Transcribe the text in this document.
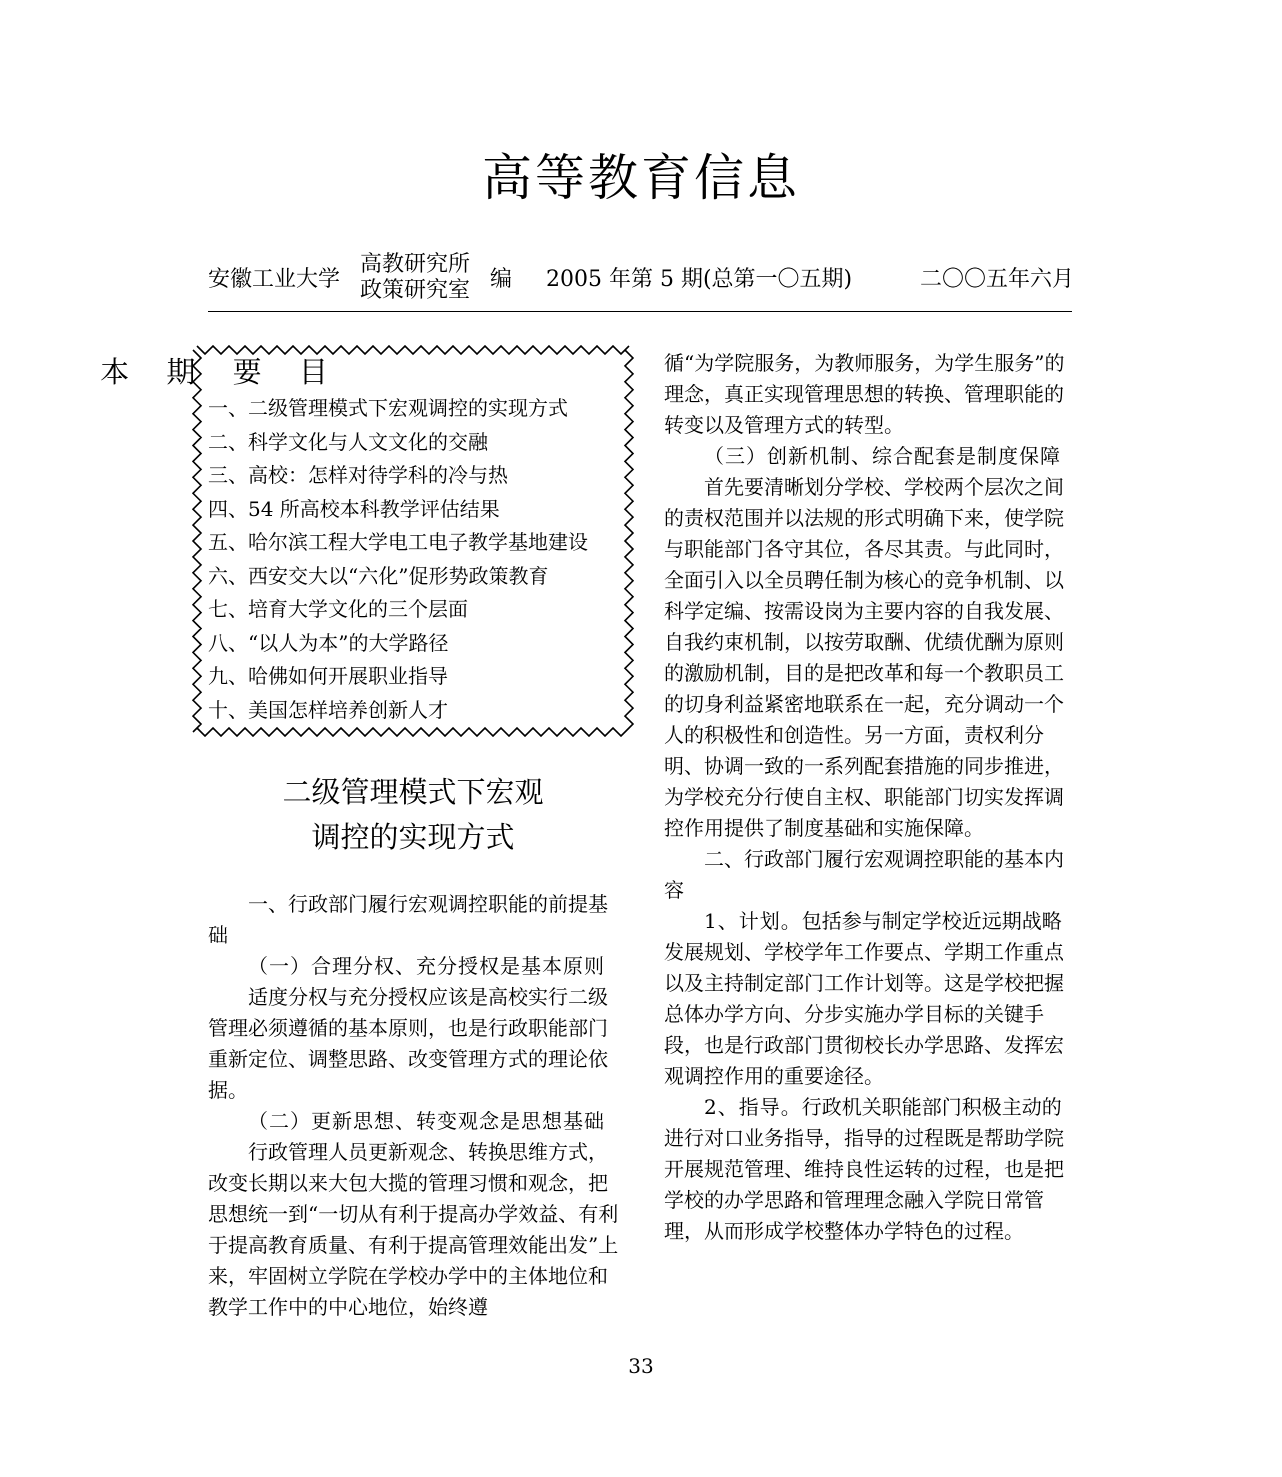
高等教育信息
安徽工业大学
高教研究所
政策研究室 编 2005 年第 5 期(总第一〇五期)	二〇〇五年六月
本 期 要 目
一、二级管理模式下宏观调控的实现方式
二、科学文化与人文文化的交融
三、高校：怎样对待学科的冷与热
四、54 所高校本科教学评估结果
五、哈尔滨工程大学电工电子教学基地建设
六、西安交大以“六化”促形势政策教育
七、培育大学文化的三个层面
八、“以人为本”的大学路径
九、哈佛如何开展职业指导
十、美国怎样培养创新人才
二级管理模式下宏观
调控的实现方式

一、行政部门履行宏观调控职能的前提基础

（一）合理分权、充分授权是基本原则

适度分权与充分授权应该是高校实行二级管理必须遵循的基本原则，也是行政职能部门重新定位、调整思路、改变管理方式的理论依据。

（二）更新思想、转变观念是思想基础

行政管理人员更新观念、转换思维方式，改变长期以来大包大揽的管理习惯和观念，把思想统一到“一切从有利于提高办学效益、有利于提高教育质量、有利于提高管理效能出发”上来，牢固树立学院在学校办学中的主体地位和教学工作中的中心地位，始终遵

循“为学院服务，为教师服务，为学生服务”的理念，真正实现管理思想的转换、管理职能的转变以及管理方式的转型。

（三）创新机制、综合配套是制度保障

首先要清晰划分学校、学校两个层次之间的责权范围并以法规的形式明确下来，使学院与职能部门各守其位，各尽其责。与此同时，全面引入以全员聘任制为核心的竞争机制、以科学定编、按需设岗为主要内容的自我发展、自我约束机制，以按劳取酬、优绩优酬为原则的激励机制，目的是把改革和每一个教职员工的切身利益紧密地联系在一起，充分调动一个人的积极性和创造性。另一方面，责权利分明、协调一致的一系列配套措施的同步推进，为学校充分行使自主权、职能部门切实发挥调控作用提供了制度基础和实施保障。

二、行政部门履行宏观调控职能的基本内容

1、计划。包括参与制定学校近远期战略发展规划、学校学年工作要点、学期工作重点以及主持制定部门工作计划等。这是学校把握总体办学方向、分步实施办学目标的关键手段，也是行政部门贯彻校长办学思路、发挥宏观调控作用的重要途径。

2、指导。行政机关职能部门积极主动的进行对口业务指导，指导的过程既是帮助学院开展规范管理、维持良性运转的过程，也是把学校的办学思路和管理理念融入学院日常管理，从而形成学校整体办学特色的过程。

33
